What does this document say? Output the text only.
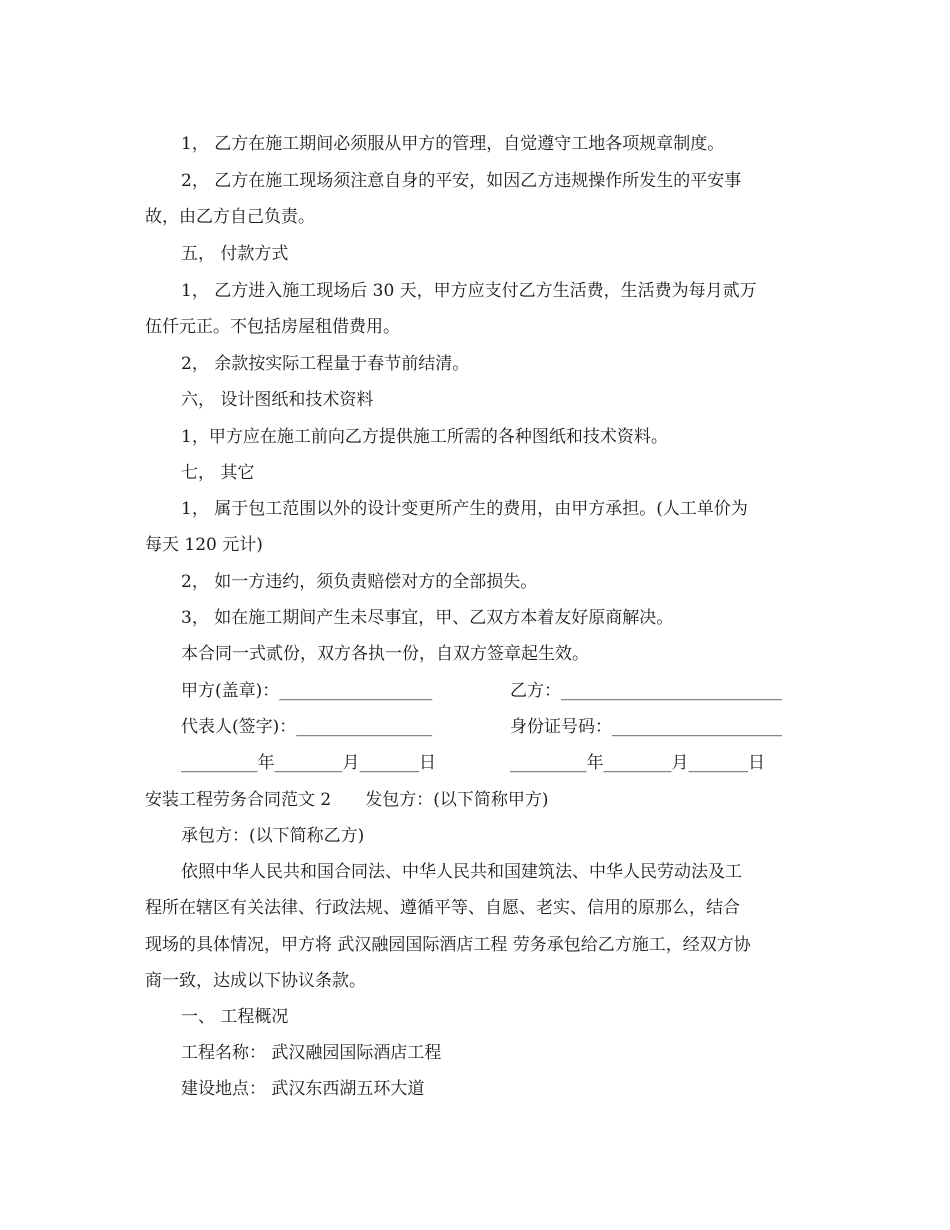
1， 乙方在施工期间必须服从甲方的管理，自觉遵守工地各项规章制度。
2， 乙方在施工现场须注意自身的平安，如因乙方违规操作所发生的平安事
故，由乙方自己负责。
五， 付款方式
1， 乙方进入施工现场后 30 天，甲方应支付乙方生活费，生活费为每月贰万
伍仟元正。不包括房屋租借费用。
2， 余款按实际工程量于春节前结清。
六， 设计图纸和技术资料
1，甲方应在施工前向乙方提供施工所需的各种图纸和技术资料。
七， 其它
1， 属于包工范围以外的设计变更所产生的费用，由甲方承担。(人工单价为
每天 120 元计)
2， 如一方违约，须负责赔偿对方的全部损失。
3， 如在施工期间产生未尽事宜，甲、乙双方本着友好原商解决。
本合同一式贰份，双方各执一份，自双方签章起生效。
甲方(盖章)：__________________	乙方：__________________________
代表人(签字)：________________	身份证号码：____________________
_________年________月_______日	_________年________月_______日
安装工程劳务合同范文 2　　发包方：(以下简称甲方)
承包方：(以下简称乙方)
依照中华人民共和国合同法、中华人民共和国建筑法、中华人民劳动法及工
程所在辖区有关法律、行政法规、遵循平等、自愿、老实、信用的原那么，结合
现场的具体情况，甲方将 武汉融园国际酒店工程 劳务承包给乙方施工，经双方协
商一致，达成以下协议条款。
一、 工程概况
工程名称： 武汉融园国际酒店工程
建设地点： 武汉东西湖五环大道
